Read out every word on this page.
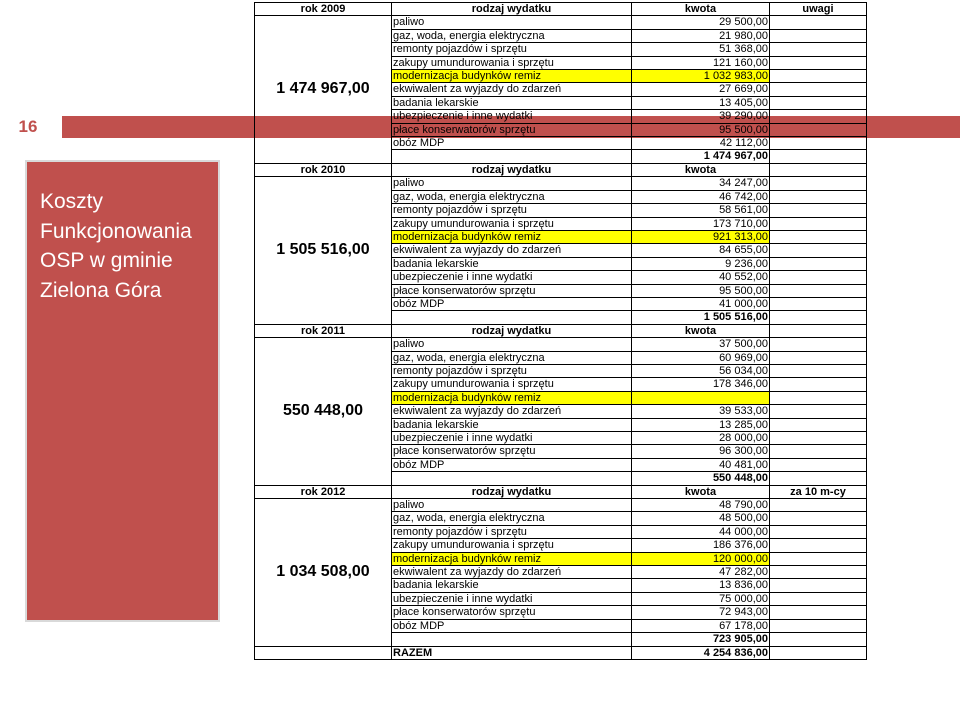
16
Koszty
Funkcjonowania
OSP w gminie
Zielona Góra
rok 2009	rodzaj wydatku	kwota	uwagi
1 474 967,00	paliwo	29 500,00	
	gaz, woda, energia elektryczna	21 980,00	
	remonty pojazdów i sprzętu	51 368,00	
	zakupy umundurowania i sprzętu	121 160,00	
	modernizacja budynków remiz	1 032 983,00	
	ekwiwalent za wyjazdy do zdarzeń	27 669,00	
	badania lekarskie	13 405,00	
	ubezpieczenie i inne wydatki	39 290,00	
	płace konserwatorów sprzętu	95 500,00	
	obóz MDP	42 112,00	
		1 474 967,00	
rok 2010	rodzaj wydatku	kwota	
1 505 516,00	paliwo	34 247,00	
	gaz, woda, energia elektryczna	46 742,00	
	remonty pojazdów i sprzętu	58 561,00	
	zakupy umundurowania i sprzętu	173 710,00	
	modernizacja budynków remiz	921 313,00	
	ekwiwalent za wyjazdy do zdarzeń	84 655,00	
	badania lekarskie	9 236,00	
	ubezpieczenie i inne wydatki	40 552,00	
	płace konserwatorów sprzętu	95 500,00	
	obóz MDP	41 000,00	
		1 505 516,00	
rok 2011	rodzaj wydatku	kwota	
550 448,00	paliwo	37 500,00	
	gaz, woda, energia elektryczna	60 969,00	
	remonty pojazdów i sprzętu	56 034,00	
	zakupy umundurowania i sprzętu	178 346,00	
	modernizacja budynków remiz		
	ekwiwalent za wyjazdy do zdarzeń	39 533,00	
	badania lekarskie	13 285,00	
	ubezpieczenie i inne wydatki	28 000,00	
	płace konserwatorów sprzętu	96 300,00	
	obóz MDP	40 481,00	
		550 448,00	
rok 2012	rodzaj wydatku	kwota	za 10 m-cy
1 034 508,00	paliwo	48 790,00	
	gaz, woda, energia elektryczna	48 500,00	
	remonty pojazdów i sprzętu	44 000,00	
	zakupy umundurowania i sprzętu	186 376,00	
	modernizacja budynków remiz	120 000,00	
	ekwiwalent za wyjazdy do zdarzeń	47 282,00	
	badania lekarskie	13 836,00	
	ubezpieczenie i inne wydatki	75 000,00	
	płace konserwatorów sprzętu	72 943,00	
	obóz MDP	67 178,00	
		723 905,00	
	RAZEM	4 254 836,00	
